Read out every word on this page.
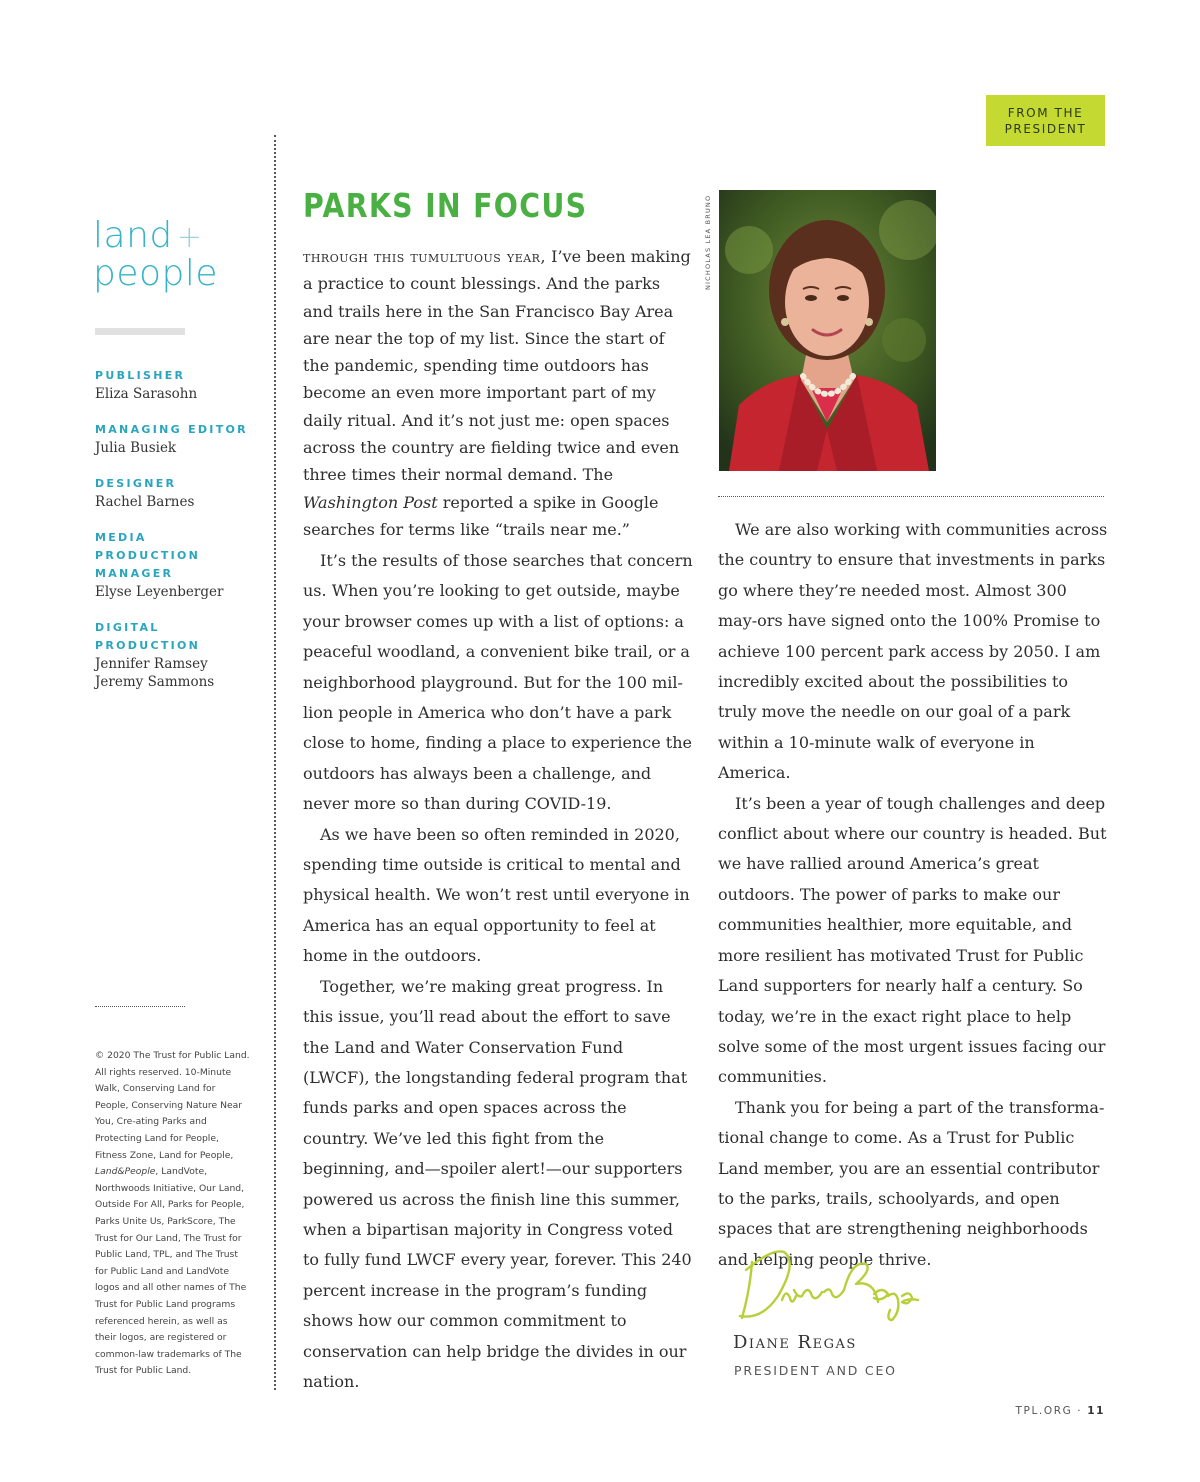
FROM THE
PRESIDENT
land +
people
PUBLISHER
Eliza Sarasohn
MANAGING EDITOR
Julia Busiek
DESIGNER
Rachel Barnes
MEDIA PRODUCTION MANAGER
Elyse Leyenberger
DIGITAL PRODUCTION
Jennifer Ramsey
Jeremy Sammons
© 2020 The Trust for Public Land. All rights reserved. 10-Minute Walk, Conserving Land for People, Conserving Nature Near You, Cre-ating Parks and Protecting Land for People, Fitness Zone, Land for People, Land&People, LandVote, Northwoods Initiative, Our Land, Outside For All, Parks for People, Parks Unite Us, ParkScore, The Trust for Our Land, The Trust for Public Land, TPL, and The Trust for Public Land and LandVote logos and all other names of The Trust for Public Land programs referenced herein, as well as their logos, are registered or common-law trademarks of The Trust for Public Land.
PARKS IN FOCUS

through this tumultuous year, I’ve been making a practice to count blessings. And the parks and trails here in the San Francisco Bay Area are near the top of my list. Since the start of the pandemic, spending time outdoors has become an even more important part of my daily ritual. And it’s not just me: open spaces across the country are fielding twice and even three times their normal demand. The Washington Post reported a spike in Google searches for terms like “trails near me.”

It’s the results of those searches that concern us. When you’re looking to get outside, maybe your browser comes up with a list of options: a peaceful woodland, a convenient bike trail, or a neighborhood playground. But for the 100 mil-lion people in America who don’t have a park close to home, finding a place to experience the outdoors has always been a challenge, and never more so than during COVID-19.

As we have been so often reminded in 2020, spending time outside is critical to mental and physical health. We won’t rest until everyone in America has an equal opportunity to feel at home in the outdoors.

Together, we’re making great progress. In this issue, you’ll read about the effort to save the Land and Water Conservation Fund (LWCF), the longstanding federal program that funds parks and open spaces across the country. We’ve led this fight from the beginning, and—spoiler alert!—our supporters powered us across the finish line this summer, when a bipartisan majority in Congress voted to fully fund LWCF every year, forever. This 240 percent increase in the program’s funding shows how our common commitment to conservation can help bridge the divides in our nation.

NICHOLAS LEA BRUNO

We are also working with communities across the country to ensure that investments in parks go where they’re needed most. Almost 300 may-ors have signed onto the 100% Promise to achieve 100 percent park access by 2050. I am incredibly excited about the possibilities to truly move the needle on our goal of a park within a 10-minute walk of everyone in America.

It’s been a year of tough challenges and deep conflict about where our country is headed. But we have rallied around America’s great outdoors. The power of parks to make our communities healthier, more equitable, and more resilient has motivated Trust for Public Land supporters for nearly half a century. So today, we’re in the exact right place to help solve some of the most urgent issues facing our communities.

Thank you for being a part of the transforma-tional change to come. As a Trust for Public Land member, you are an essential contributor to the parks, trails, schoolyards, and open spaces that are strengthening neighborhoods and helping people thrive.

Diane Regas
PRESIDENT AND CEO
TPL.ORG · 11
